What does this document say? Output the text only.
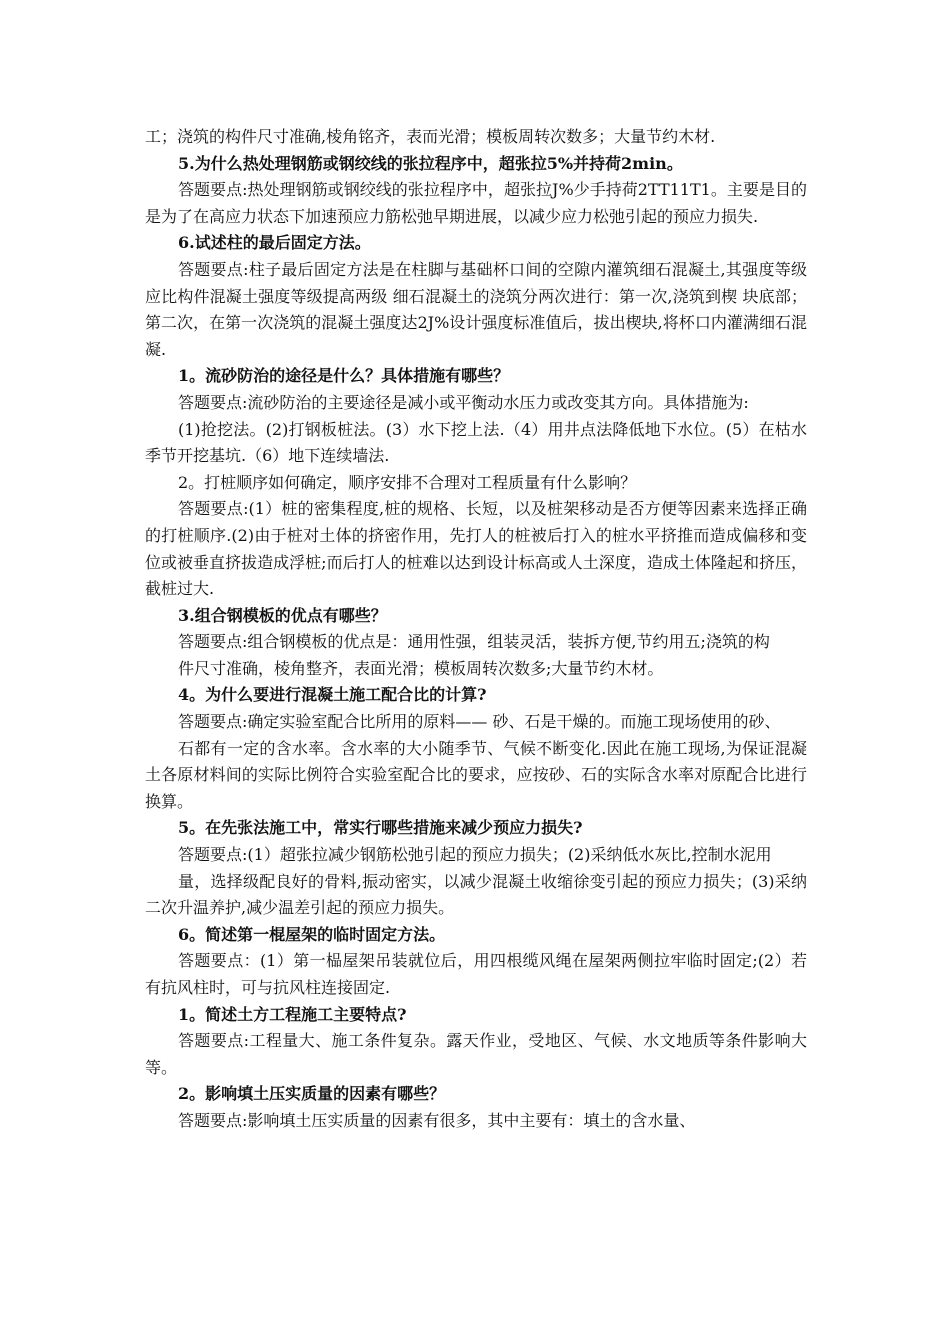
工；浇筑的构件尺寸准确,棱角铭齐，表而光滑；模板周转次数多；大量节约木材.

5.为什么热处理钢筋或钢绞线的张拉程序中，超张拉5%并持荷2min。

答题要点:热处理钢筋或钢绞线的张拉程序中，超张拉J%少手持荷2TT11T1。主要是目的是为了在高应力状态下加速预应力筋松弛早期进展，以减少应力松弛引起的预应力损失.

6.试述柱的最后固定方法。

答题要点:柱子最后固定方法是在柱脚与基础杯口间的空隙内灌筑细石混凝土,其强度等级应比构件混凝土强度等级提高两级 细石混凝土的浇筑分两次进行：第一次,浇筑到楔 块底部；第二次，在第一次浇筑的混凝土强度达2J%设计强度标准值后，拔出楔块,将杯口内灌满细石混凝.

1。流砂防治的途径是什么？具体措施有哪些？

答题要点:流砂防治的主要途径是减小或平衡动水压力或改变其方向。具体措施为:

(1)抢挖法。(2)打钢板桩法。(3）水下挖上法.（4）用井点法降低地下水位。(5）在枯水季节开挖基坑.（6）地下连续墙法.

2。打桩顺序如何确定，顺序安排不合理对工程质量有什么影响？

答题要点:(1）桩的密集程度,桩的规格、长短，以及桩架移动是否方便等因素来选择正确的打桩顺序.(2)由于桩对土体的挤密作用，先打人的桩被后打入的桩水平挤推而造成偏移和变位或被垂直挤拔造成浮桩;而后打人的桩难以达到设计标高或人土深度，造成土体隆起和挤压，截桩过大.

3.组合钢模板的优点有哪些？

答题要点:组合钢模板的优点是：通用性强，组装灵活，装拆方便,节约用五;浇筑的构

件尺寸准确，棱角整齐，表面光滑；模板周转次数多;大量节约木材。

4。为什么要进行混凝土施工配合比的计算?

答题要点:确定实验室配合比所用的原料—— 砂、石是干燥的。而施工现场使用的砂、

石都有一定的含水率。含水率的大小随季节、气候不断变化.因此在施工现场,为保证混凝土各原材料间的实际比例符合实验室配合比的要求，应按砂、石的实际含水率对原配合比进行换算。

5。在先张法施工中，常实行哪些措施来减少预应力损失?

答题要点:(1）超张拉减少钢筋松弛引起的预应力损失；(2)采纳低水灰比,控制水泥用

量，选择级配良好的骨料,振动密实，以减少混凝土收缩徐变引起的预应力损失；(3)采纳二次升温养护,减少温差引起的预应力损失。

6。简述第一棍屋架的临时固定方法。

答题要点：(1）第一榀屋架吊装就位后，用四根缆风绳在屋架两侧拉牢临时固定;(2）若 有抗风柱时，可与抗风柱连接固定.

1。简述土方工程施工主要特点?

答题要点:工程量大、施工条件复杂。露天作业，受地区、气候、水文地质等条件影响大等。

2。影响填土压实质量的因素有哪些？

答题要点:影响填土压实质量的因素有很多，其中主要有：填土的含水量、
